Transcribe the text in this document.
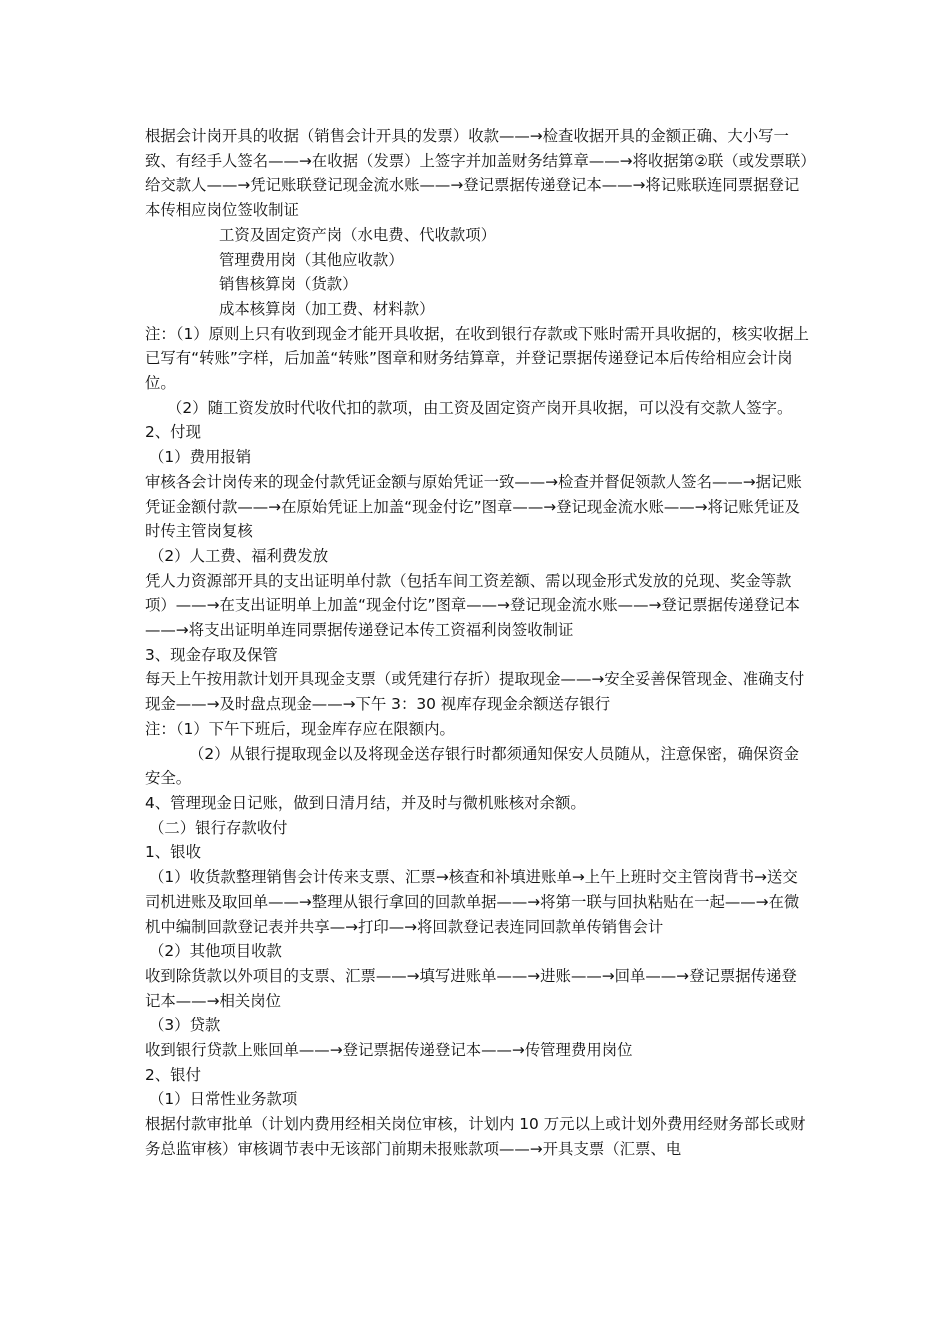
根据会计岗开具的收据（销售会计开具的发票）收款——→检查收据开具的金额正确、大小写一致、有经手人签名——→在收据（发票）上签字并加盖财务结算章——→将收据第②联（或发票联）给交款人——→凭记账联登记现金流水账——→登记票据传递登记本——→将记账联连同票据登记本传相应岗位签收制证

工资及固定资产岗（水电费、代收款项）

管理费用岗（其他应收款）

销售核算岗（货款）

成本核算岗（加工费、材料款）

注：（1）原则上只有收到现金才能开具收据，在收到银行存款或下账时需开具收据的，核实收据上已写有“转账”字样，后加盖“转账”图章和财务结算章，并登记票据传递登记本后传给相应会计岗位。

（2）随工资发放时代收代扣的款项，由工资及固定资产岗开具收据，可以没有交款人签字。

2、付现

（1）费用报销

审核各会计岗传来的现金付款凭证金额与原始凭证一致——→检查并督促领款人签名——→据记账凭证金额付款——→在原始凭证上加盖“现金付讫”图章——→登记现金流水账——→将记账凭证及时传主管岗复核

（2）人工费、福利费发放

凭人力资源部开具的支出证明单付款（包括车间工资差额、需以现金形式发放的兑现、奖金等款项）——→在支出证明单上加盖“现金付讫”图章——→登记现金流水账——→登记票据传递登记本——→将支出证明单连同票据传递登记本传工资福利岗签收制证

3、现金存取及保管

每天上午按用款计划开具现金支票（或凭建行存折）提取现金——→安全妥善保管现金、准确支付现金——→及时盘点现金——→下午 3：30 视库存现金余额送存银行

注：（1）下午下班后，现金库存应在限额内。

（2）从银行提取现金以及将现金送存银行时都须通知保安人员随从，注意保密，确保资金安全。

4、管理现金日记账，做到日清月结，并及时与微机账核对余额。

（二）银行存款收付

1、银收

（1）收货款整理销售会计传来支票、汇票→核查和补填进账单→上午上班时交主管岗背书→送交司机进账及取回单——→整理从银行拿回的回款单据——→将第一联与回执粘贴在一起——→在微机中编制回款登记表并共享—→打印—→将回款登记表连同回款单传销售会计

（2）其他项目收款

收到除货款以外项目的支票、汇票——→填写进账单——→进账——→回单——→登记票据传递登记本——→相关岗位

（3）贷款

收到银行贷款上账回单——→登记票据传递登记本——→传管理费用岗位

2、银付

（1）日常性业务款项

根据付款审批单（计划内费用经相关岗位审核，计划内 10 万元以上或计划外费用经财务部长或财务总监审核）审核调节表中无该部门前期未报账款项——→开具支票（汇票、电
